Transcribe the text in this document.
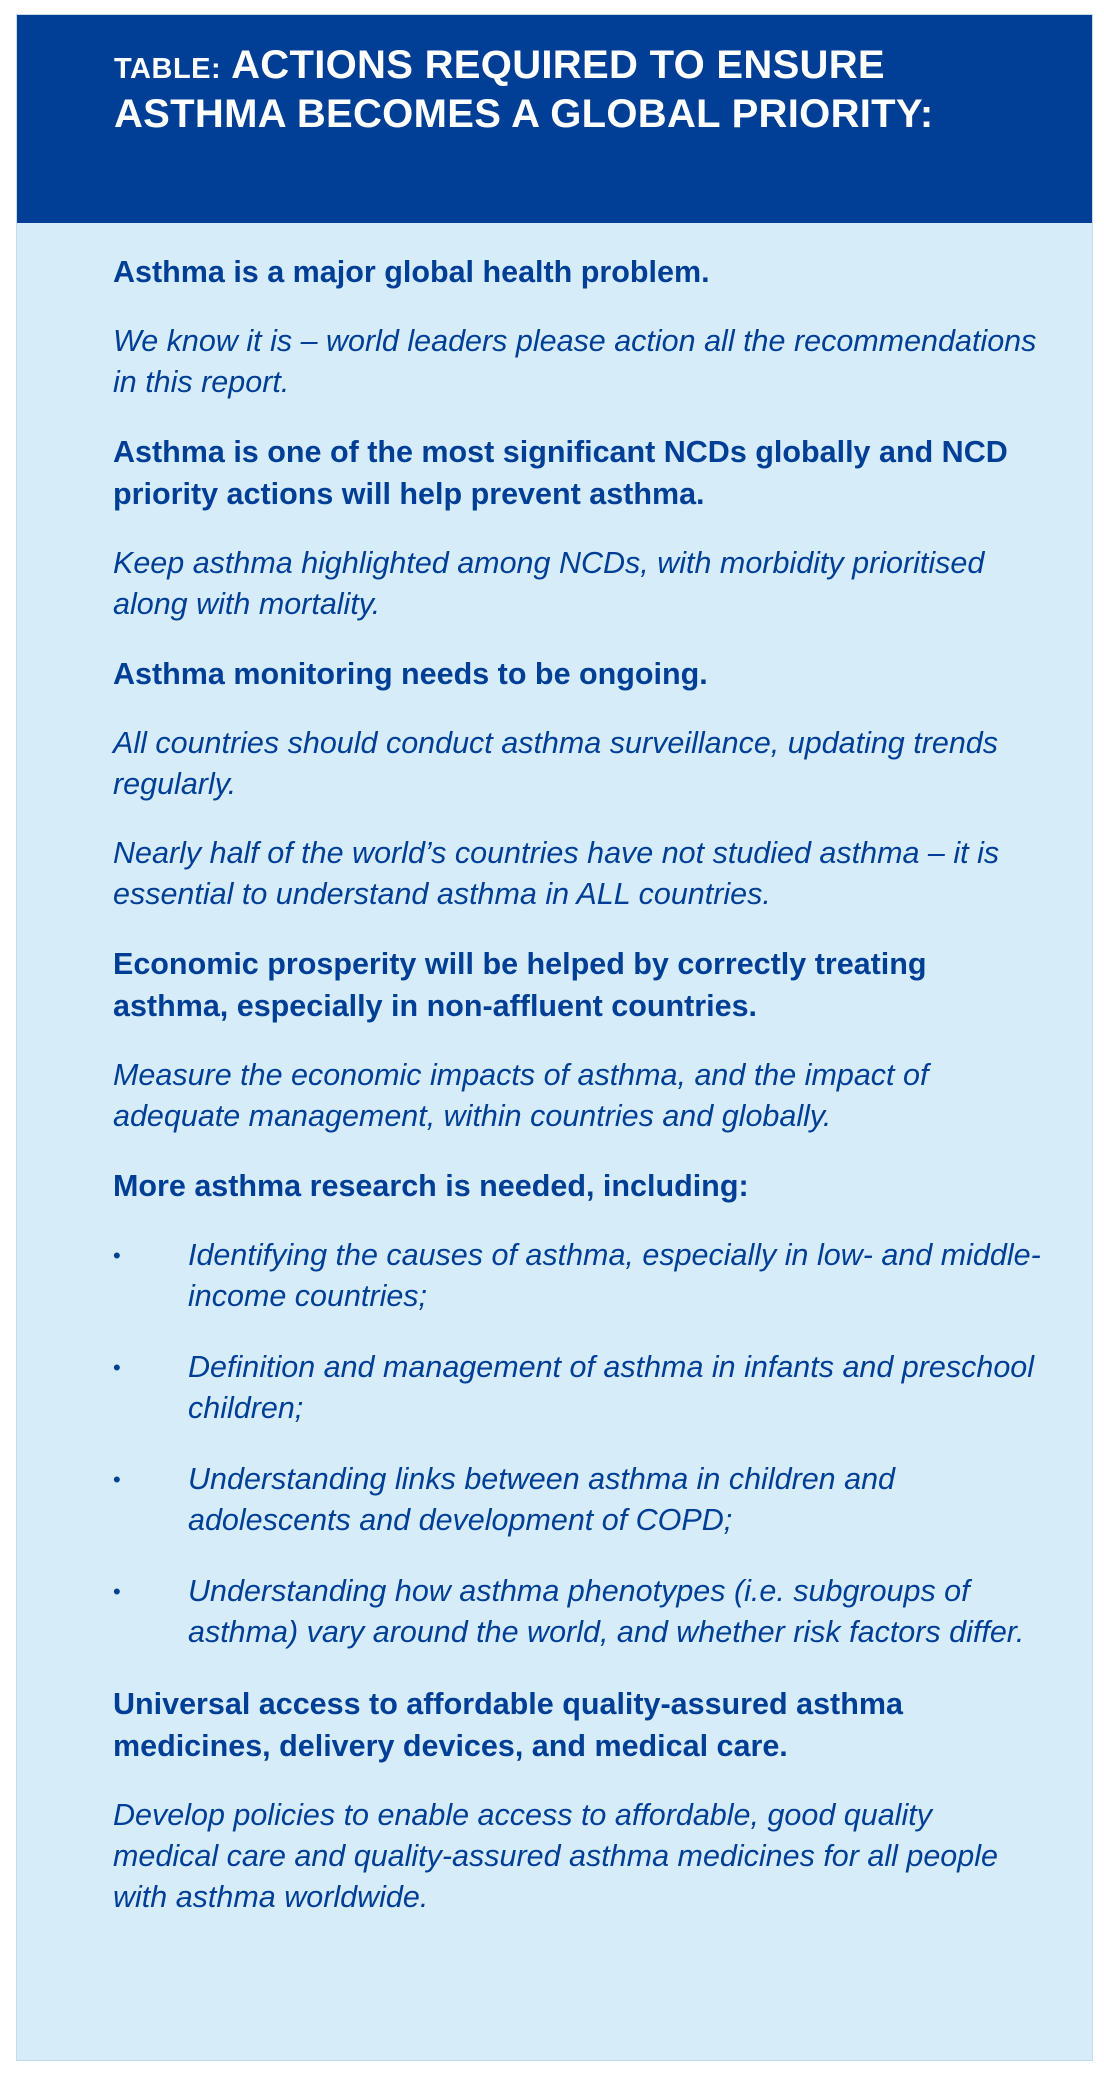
TABLE: ACTIONS REQUIRED TO ENSURE ASTHMA BECOMES A GLOBAL PRIORITY:
Asthma is a major global health problem.
We know it is – world leaders please action all the recommendations in this report.
Asthma is one of the most significant NCDs globally and NCD priority actions will help prevent asthma.
Keep asthma highlighted among NCDs, with morbidity prioritised along with mortality.
Asthma monitoring needs to be ongoing.
All countries should conduct asthma surveillance, updating trends regularly.
Nearly half of the world’s countries have not studied asthma – it is essential to understand asthma in ALL countries.
Economic prosperity will be helped by correctly treating asthma, especially in non-affluent countries.
Measure the economic impacts of asthma, and the impact of adequate management, within countries and globally.
More asthma research is needed, including:
• Identifying the causes of asthma, especially in low- and middle-income countries;
• Definition and management of asthma in infants and preschool children;
• Understanding links between asthma in children and adolescents and development of COPD;
• Understanding how asthma phenotypes (i.e. subgroups of asthma) vary around the world, and whether risk factors differ.
Universal access to affordable quality-assured asthma medicines, delivery devices, and medical care.
Develop policies to enable access to affordable, good quality medical care and quality-assured asthma medicines for all people with asthma worldwide.
